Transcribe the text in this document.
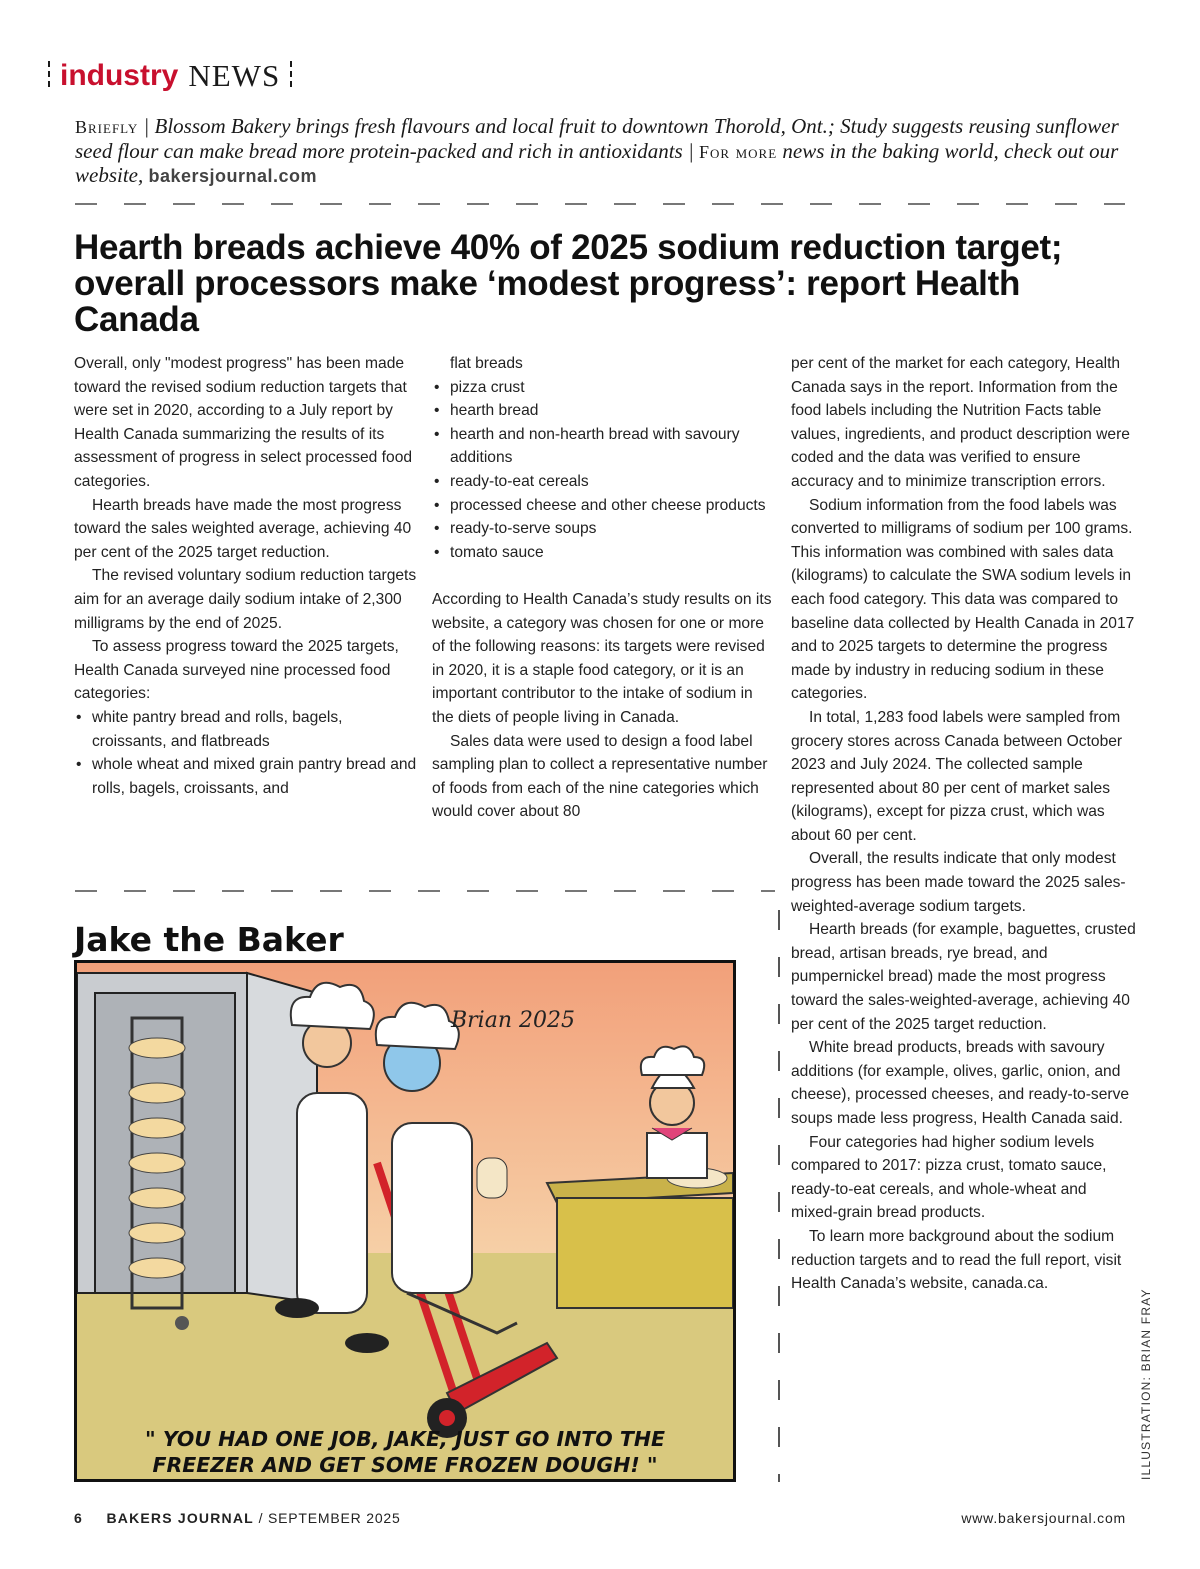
industry NEWS
Briefly | Blossom Bakery brings fresh flavours and local fruit to downtown Thorold, Ont.; Study suggests reusing sunflower seed flour can make bread more protein-packed and rich in antioxidants | For more news in the baking world, check out our website, bakersjournal.com
Hearth breads achieve 40% of 2025 sodium reduction target; overall processors make ‘modest progress’: report Health Canada

Overall, only "modest progress" has been made toward the revised sodium reduction targets that were set in 2020, according to a July report by Health Canada summarizing the results of its assessment of progress in select processed food categories.

Hearth breads have made the most progress toward the sales weighted average, achieving 40 per cent of the 2025 target reduction.

The revised voluntary sodium reduction targets aim for an average daily sodium intake of 2,300 milligrams by the end of 2025.

To assess progress toward the 2025 targets, Health Canada surveyed nine processed food categories:

• white pantry bread and rolls, bagels, croissants, and flatbreads
• whole wheat and mixed grain pantry bread and rolls, bagels, croissants, and

flat breads

• pizza crust
• hearth bread
• hearth and non-hearth bread with savoury additions
• ready-to-eat cereals
• processed cheese and other cheese products
• ready-to-serve soups
• tomato sauce

According to Health Canada’s study results on its website, a category was chosen for one or more of the following reasons: its targets were revised in 2020, it is a staple food category, or it is an important contributor to the intake of sodium in the diets of people living in Canada.

Sales data were used to design a food label sampling plan to collect a representative number of foods from each of the nine categories which would cover about 80

per cent of the market for each category, Health Canada says in the report. Information from the food labels including the Nutrition Facts table values, ingredients, and product description were coded and the data was verified to ensure accuracy and to minimize transcription errors.

Sodium information from the food labels was converted to milligrams of sodium per 100 grams. This information was combined with sales data (kilograms) to calculate the SWA sodium levels in each food category. This data was compared to baseline data collected by Health Canada in 2017 and to 2025 targets to determine the progress made by industry in reducing sodium in these categories.

In total, 1,283 food labels were sampled from grocery stores across Canada between October 2023 and July 2024. The collected sample represented about 80 per cent of market sales (kilograms), except for pizza crust, which was about 60 per cent.

Overall, the results indicate that only modest progress has been made toward the 2025 sales-weighted-average sodium targets.

Hearth breads (for example, baguettes, crusted bread, artisan breads, rye bread, and pumpernickel bread) made the most progress toward the sales-weighted-average, achieving 40 per cent of the 2025 target reduction.

White bread products, breads with savoury additions (for example, olives, garlic, onion, and cheese), processed cheeses, and ready-to-serve soups made less progress, Health Canada said.

Four categories had higher sodium levels compared to 2017: pizza crust, tomato sauce, ready-to-eat cereals, and whole-wheat and mixed-grain bread products.

To learn more background about the sodium reduction targets and to read the full report, visit Health Canada’s website, canada.ca.

Jake the Baker
Brian 2025
" YOU HAD ONE JOB, JAKE, JUST GO INTO THE
FREEZER AND GET SOME FROZEN DOUGH! "	ILLUSTRATION: BRIAN FRAY
6 BAKERS JOURNAL / SEPTEMBER 2025	www.bakersjournal.com
